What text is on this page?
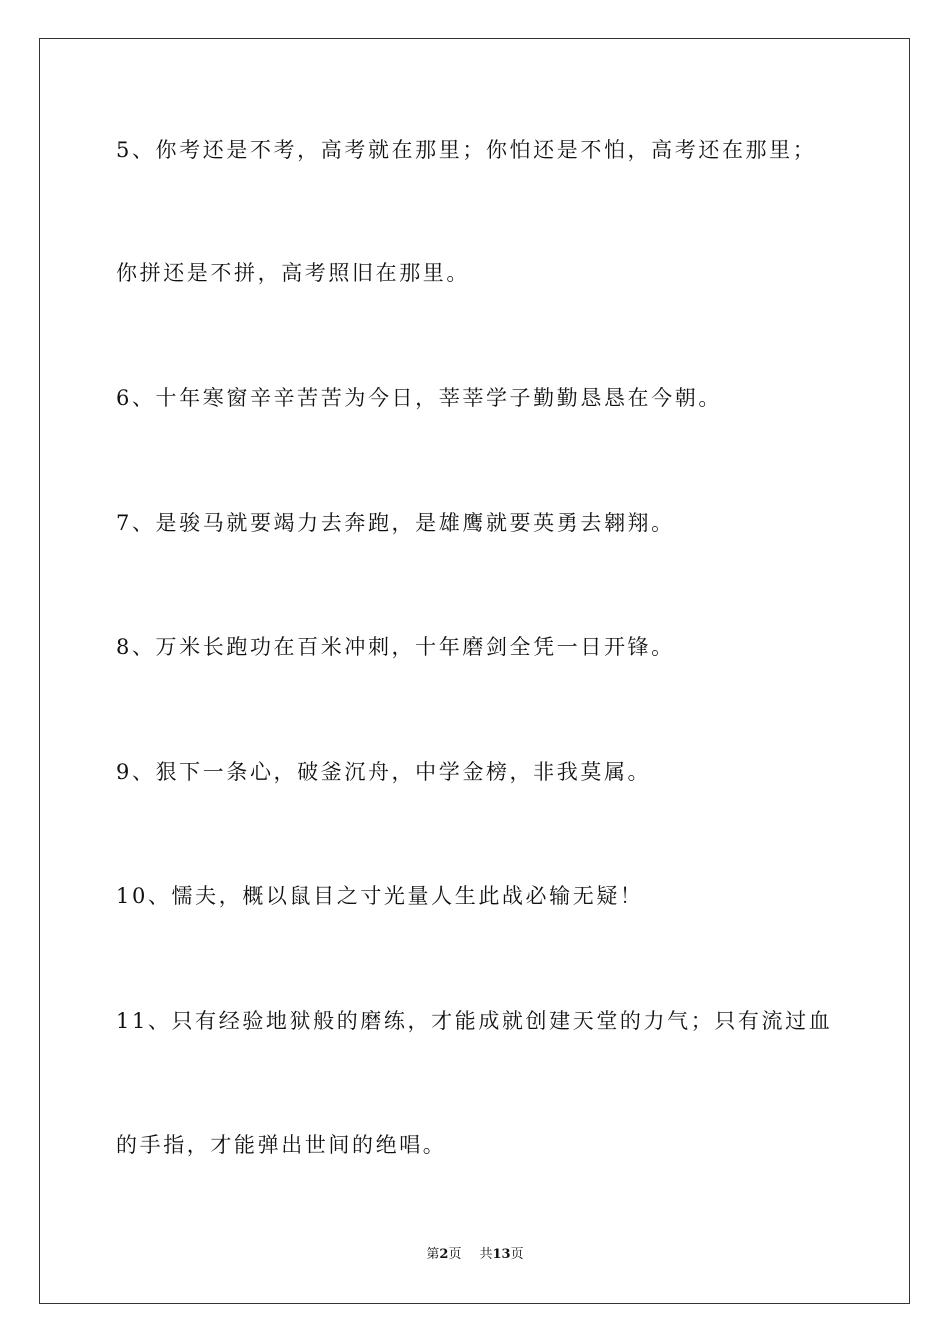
5、你考还是不考，高考就在那里；你怕还是不怕，高考还在那里；

你拼还是不拼，高考照旧在那里。

6、十年寒窗辛辛苦苦为今日，莘莘学子勤勤恳恳在今朝。

7、是骏马就要竭力去奔跑，是雄鹰就要英勇去翱翔。

8、万米长跑功在百米冲刺，十年磨剑全凭一日开锋。

9、狠下一条心，破釜沉舟，中学金榜，非我莫属。

10、懦夫，概以鼠目之寸光量人生此战必输无疑！

11、只有经验地狱般的磨练，才能成就创建天堂的力气；只有流过血

的手指，才能弹出世间的绝唱。

第2页 共13页
